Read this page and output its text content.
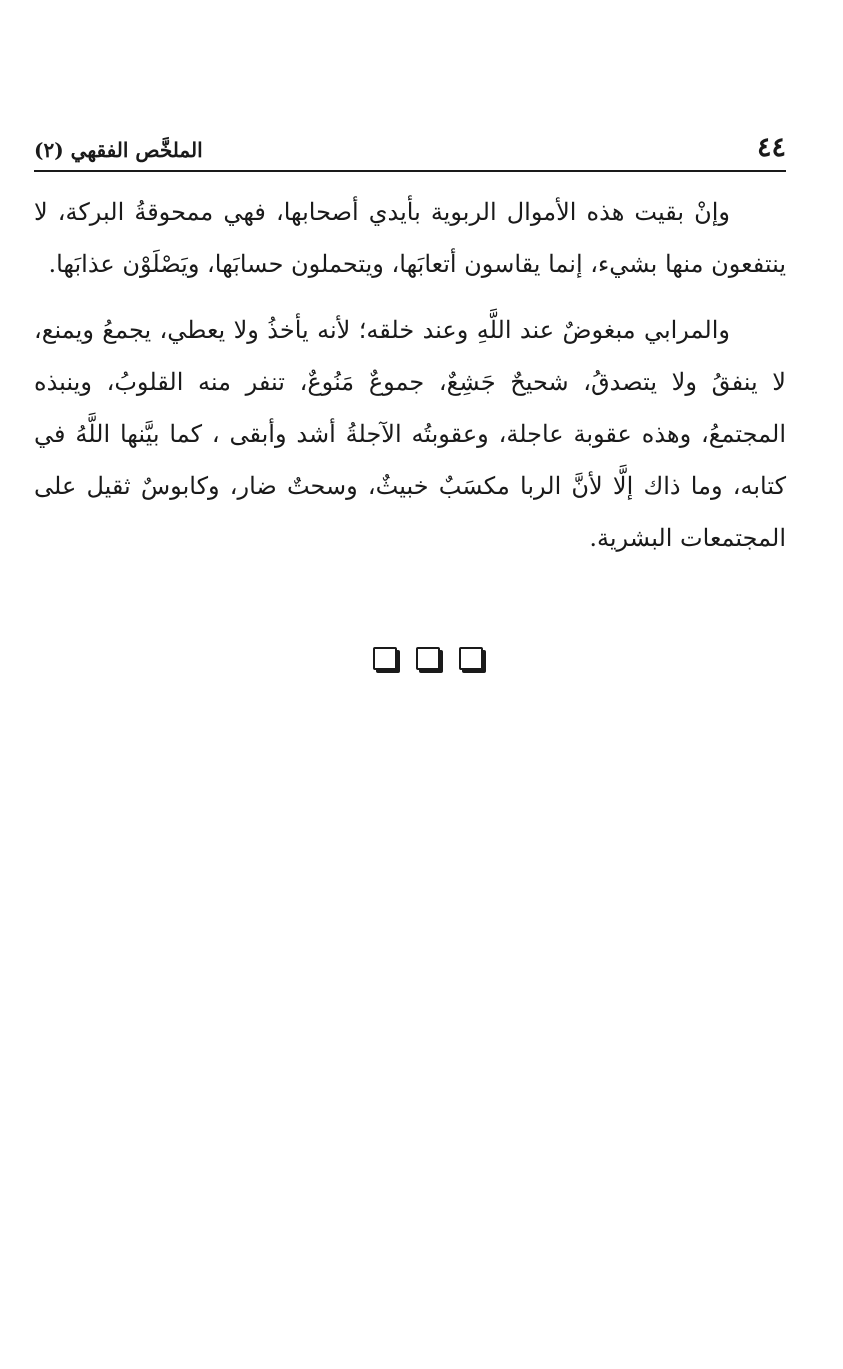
٤٤
الملخَّص الفقهي (٢)

وإنْ بقيت هذه الأموال الربوية بأيدي أصحابها، فهي ممحوقةُ البركة، لا ينتفعون منها بشيء، إنما يقاسون أتعابَها، ويتحملون حسابَها، ويَصْلَوْن عذابَها.

والمرابي مبغوضٌ عند اللَّهِ وعند خلقه؛ لأنه يأخذُ ولا يعطي، يجمعُ ويمنع، لا ينفقُ ولا يتصدقُ، شحيحٌ جَشِعٌ، جموعٌ مَنُوعٌ، تنفر منه القلوبُ، وينبذه المجتمعُ، وهذه عقوبة عاجلة، وعقوبتُه الآجلةُ أشد وأبقى ، كما بيَّنها اللَّهُ في كتابه، وما ذاك إلَّا لأنَّ الربا مكسَبٌ خبيثٌ، وسحتٌ ضار، وكابوسٌ ثقيل على المجتمعات البشرية.
